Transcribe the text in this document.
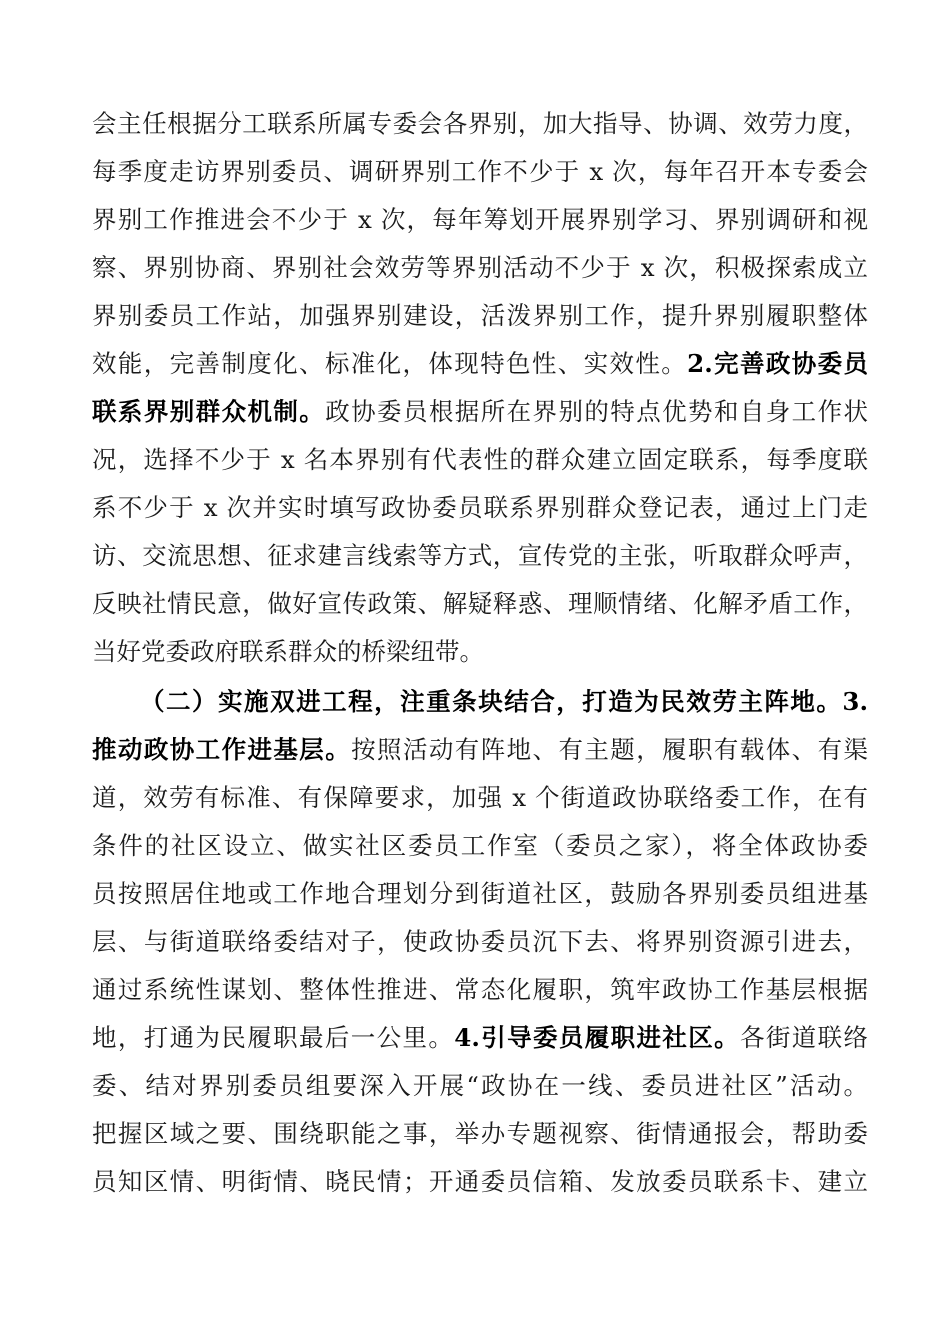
会主任根据分工联系所属专委会各界别，加大指导、协调、效劳力度，
每季度走访界别委员、调研界别工作不少于 x 次，每年召开本专委会
界别工作推进会不少于 x 次，每年筹划开展界别学习、界别调研和视
察、界别协商、界别社会效劳等界别活动不少于 x 次，积极探索成立
界别委员工作站，加强界别建设，活泼界别工作，提升界别履职整体
效能，完善制度化、标准化，体现特色性、实效性。2.完善政协委员
联系界别群众机制。政协委员根据所在界别的特点优势和自身工作状
况，选择不少于 x 名本界别有代表性的群众建立固定联系，每季度联
系不少于 x 次并实时填写政协委员联系界别群众登记表，通过上门走
访、交流思想、征求建言线索等方式，宣传党的主张，听取群众呼声，
反映社情民意，做好宣传政策、解疑释惑、理顺情绪、化解矛盾工作，
当好党委政府联系群众的桥梁纽带。
（二）实施双进工程，注重条块结合，打造为民效劳主阵地。3.
推动政协工作进基层。按照活动有阵地、有主题，履职有载体、有渠
道，效劳有标准、有保障要求，加强 x 个街道政协联络委工作，在有
条件的社区设立、做实社区委员工作室（委员之家），将全体政协委
员按照居住地或工作地合理划分到街道社区，鼓励各界别委员组进基
层、与街道联络委结对子，使政协委员沉下去、将界别资源引进去，
通过系统性谋划、整体性推进、常态化履职，筑牢政协工作基层根据
地，打通为民履职最后一公里。4.引导委员履职进社区。各街道联络
委、结对界别委员组要深入开展“政协在一线、委员进社区”活动。
把握区域之要、围绕职能之事，举办专题视察、街情通报会，帮助委
员知区情、明街情、晓民情；开通委员信箱、发放委员联系卡、建立
